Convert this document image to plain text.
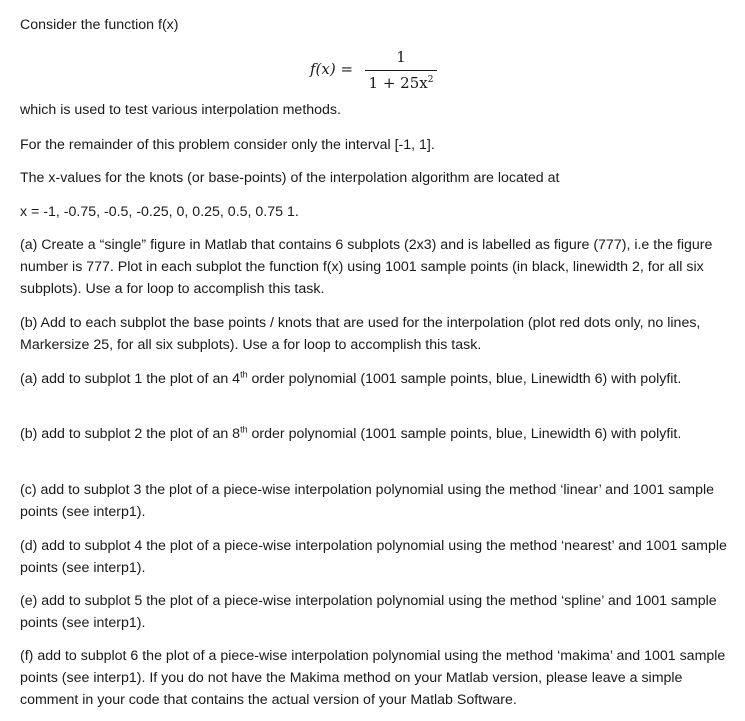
Consider the function f(x)
f(x) =
1
$1 + 25x^2$
which is used to test various interpolation methods.
For the remainder of this problem consider only the interval [-1, 1].
The x-values for the knots (or base-points) of the interpolation algorithm are located at
x = -1, -0.75, -0.5, -0.25, 0, 0.25, 0.5, 0.75 1.
(a) Create a “single” figure in Matlab that contains 6 subplots (2x3) and is labelled as figure (777), i.e the figure number is 777. Plot in each subplot the function f(x) using 1001 sample points (in black, linewidth 2, for all six subplots). Use a for loop to accomplish this task.
(b) Add to each subplot the base points / knots that are used for the interpolation (plot red dots only, no lines, Markersize 25, for all six subplots). Use a for loop to accomplish this task.
(a) add to subplot 1 the plot of an 4th order polynomial (1001 sample points, blue, Linewidth 6) with polyfit.
(b) add to subplot 2 the plot of an 8th order polynomial (1001 sample points, blue, Linewidth 6) with polyfit.
(c) add to subplot 3 the plot of a piece-wise interpolation polynomial using the method ‘linear’ and 1001 sample points (see interp1).
(d) add to subplot 4 the plot of a piece-wise interpolation polynomial using the method ‘nearest’ and 1001 sample points (see interp1).
(e) add to subplot 5 the plot of a piece-wise interpolation polynomial using the method ‘spline’ and 1001 sample points (see interp1).
(f) add to subplot 6 the plot of a piece-wise interpolation polynomial using the method ‘makima’ and 1001 sample points (see interp1). If you do not have the Makima method on your Matlab version, please leave a simple comment in your code that contains the actual version of your Matlab Software.
